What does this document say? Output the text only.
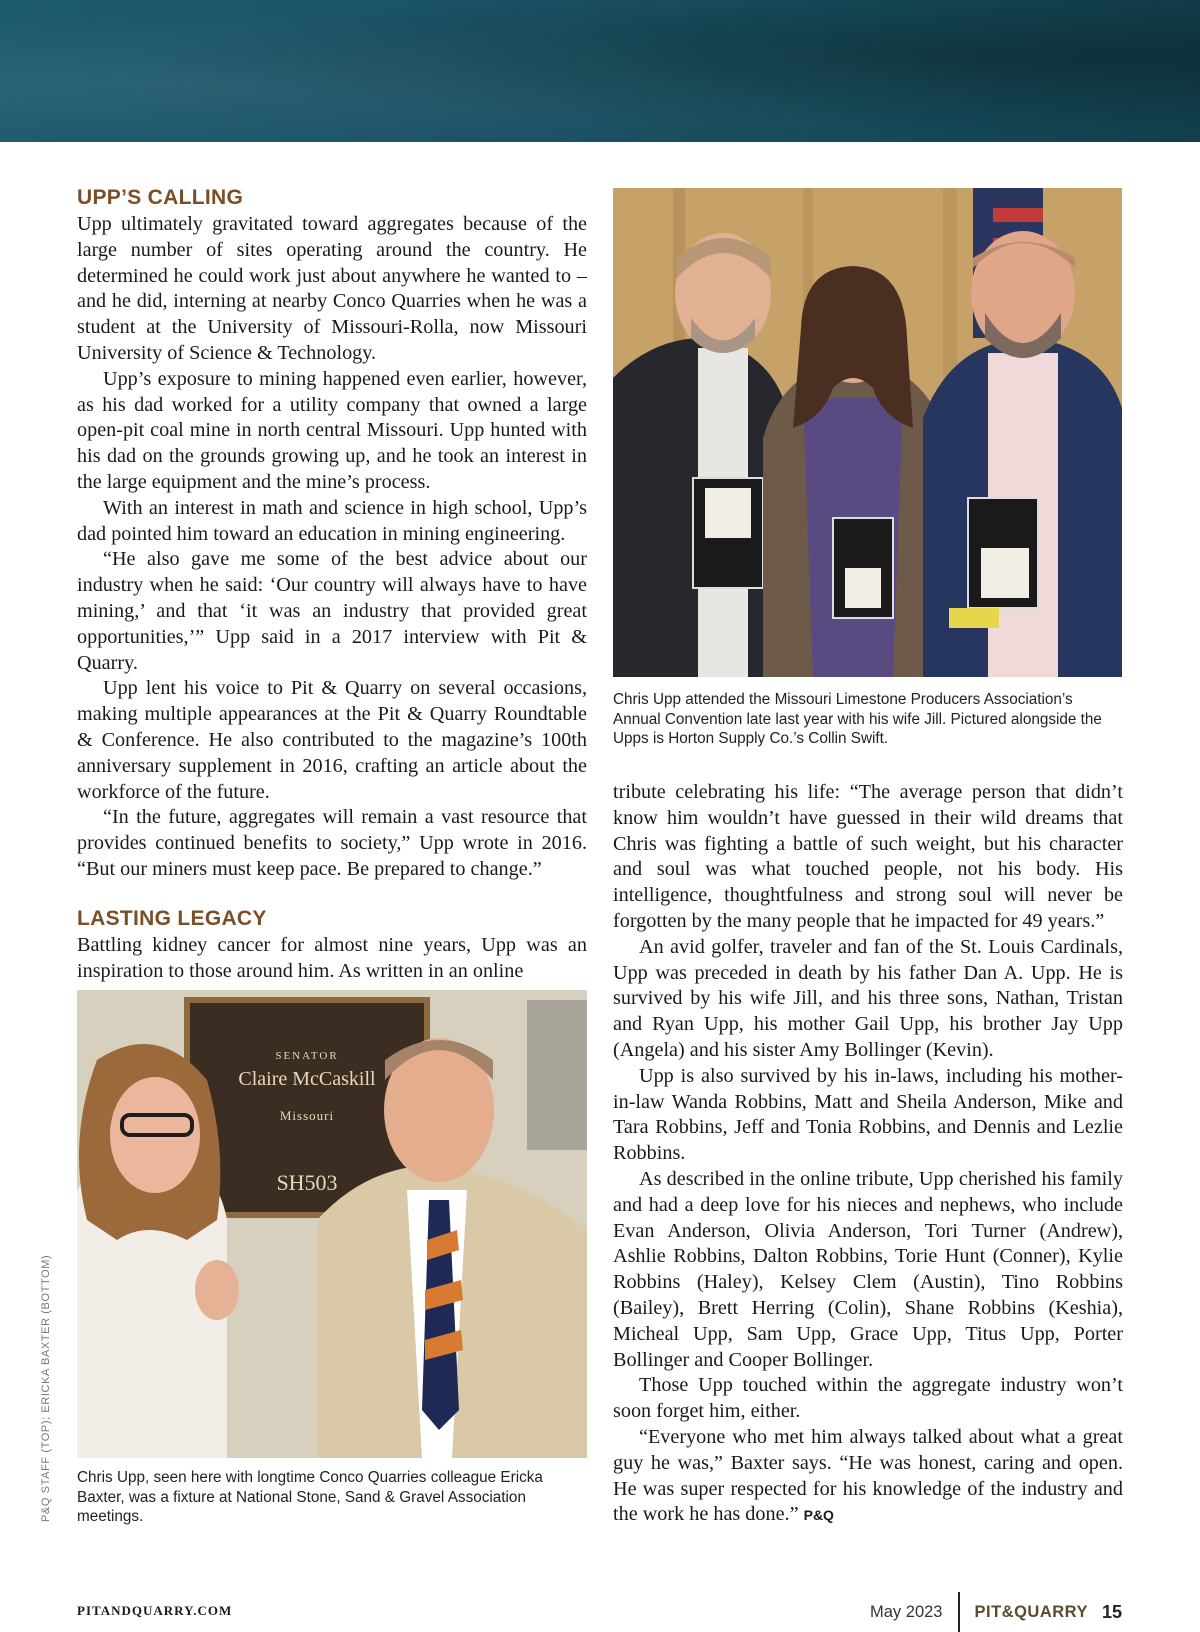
UPP’S CALLING

Upp ultimately gravitated toward aggregates because of the large number of sites operating around the country. He determined he could work just about anywhere he wanted to – and he did, interning at nearby Conco Quarries when he was a student at the University of Missouri-Rolla, now Missouri University of Science & Technology.

Upp’s exposure to mining happened even earlier, however, as his dad worked for a utility company that owned a large open-pit coal mine in north central Missouri. Upp hunted with his dad on the grounds growing up, and he took an interest in the large equipment and the mine’s process.

With an interest in math and science in high school, Upp’s dad pointed him toward an education in mining engineering.

“He also gave me some of the best advice about our industry when he said: ‘Our country will always have to have mining,’ and that ‘it was an industry that provided great opportunities,’” Upp said in a 2017 interview with Pit & Quarry.

Upp lent his voice to Pit & Quarry on several occasions, making multiple appearances at the Pit & Quarry Roundtable & Conference. He also contributed to the magazine’s 100th anniversary supplement in 2016, crafting an article about the workforce of the future.

“In the future, aggregates will remain a vast resource that provides continued benefits to society,” Upp wrote in 2016. “But our miners must keep pace. Be prepared to change.”

LASTING LEGACY

Battling kidney cancer for almost nine years, Upp was an inspiration to those around him. As written in an online

Chris Upp attended the Missouri Limestone Producers Association’s Annual Convention late last year with his wife Jill. Pictured alongside the Upps is Horton Supply Co.’s Collin Swift.
SENATOR
Claire McCaskill
Missouri
SH503
Chris Upp, seen here with longtime Conco Quarries colleague Ericka Baxter, was a fixture at National Stone, Sand & Gravel Association meetings.

tribute celebrating his life: “The average person that didn’t know him wouldn’t have guessed in their wild dreams that Chris was fighting a battle of such weight, but his character and soul was what touched people, not his body. His intelligence, thoughtfulness and strong soul will never be forgotten by the many people that he impacted for 49 years.”

An avid golfer, traveler and fan of the St. Louis Cardinals, Upp was preceded in death by his father Dan A. Upp. He is survived by his wife Jill, and his three sons, Nathan, Tristan and Ryan Upp, his mother Gail Upp, his brother Jay Upp (Angela) and his sister Amy Bollinger (Kevin).

Upp is also survived by his in-laws, including his mother-in-law Wanda Robbins, Matt and Sheila Anderson, Mike and Tara Robbins, Jeff and Tonia Robbins, and Dennis and Lezlie Robbins.

As described in the online tribute, Upp cherished his family and had a deep love for his nieces and nephews, who include Evan Anderson, Olivia Anderson, Tori Turner (Andrew), Ashlie Robbins, Dalton Robbins, Torie Hunt (Conner), Kylie Robbins (Haley), Kelsey Clem (Austin), Tino Robbins (Bailey), Brett Herring (Colin), Shane Robbins (Keshia), Micheal Upp, Sam Upp, Grace Upp, Titus Upp, Porter Bollinger and Cooper Bollinger.

Those Upp touched within the aggregate industry won’t soon forget him, either.

“Everyone who met him always talked about what a great guy he was,” Baxter says. “He was honest, caring and open. He was super respected for his knowledge of the industry and the work he has done.” P&Q

P&Q STAFF (TOP); ERICKA BAXTER (BOTTOM)
PITANDQUARRY.COM	May 2023 PIT&QUARRY 15
